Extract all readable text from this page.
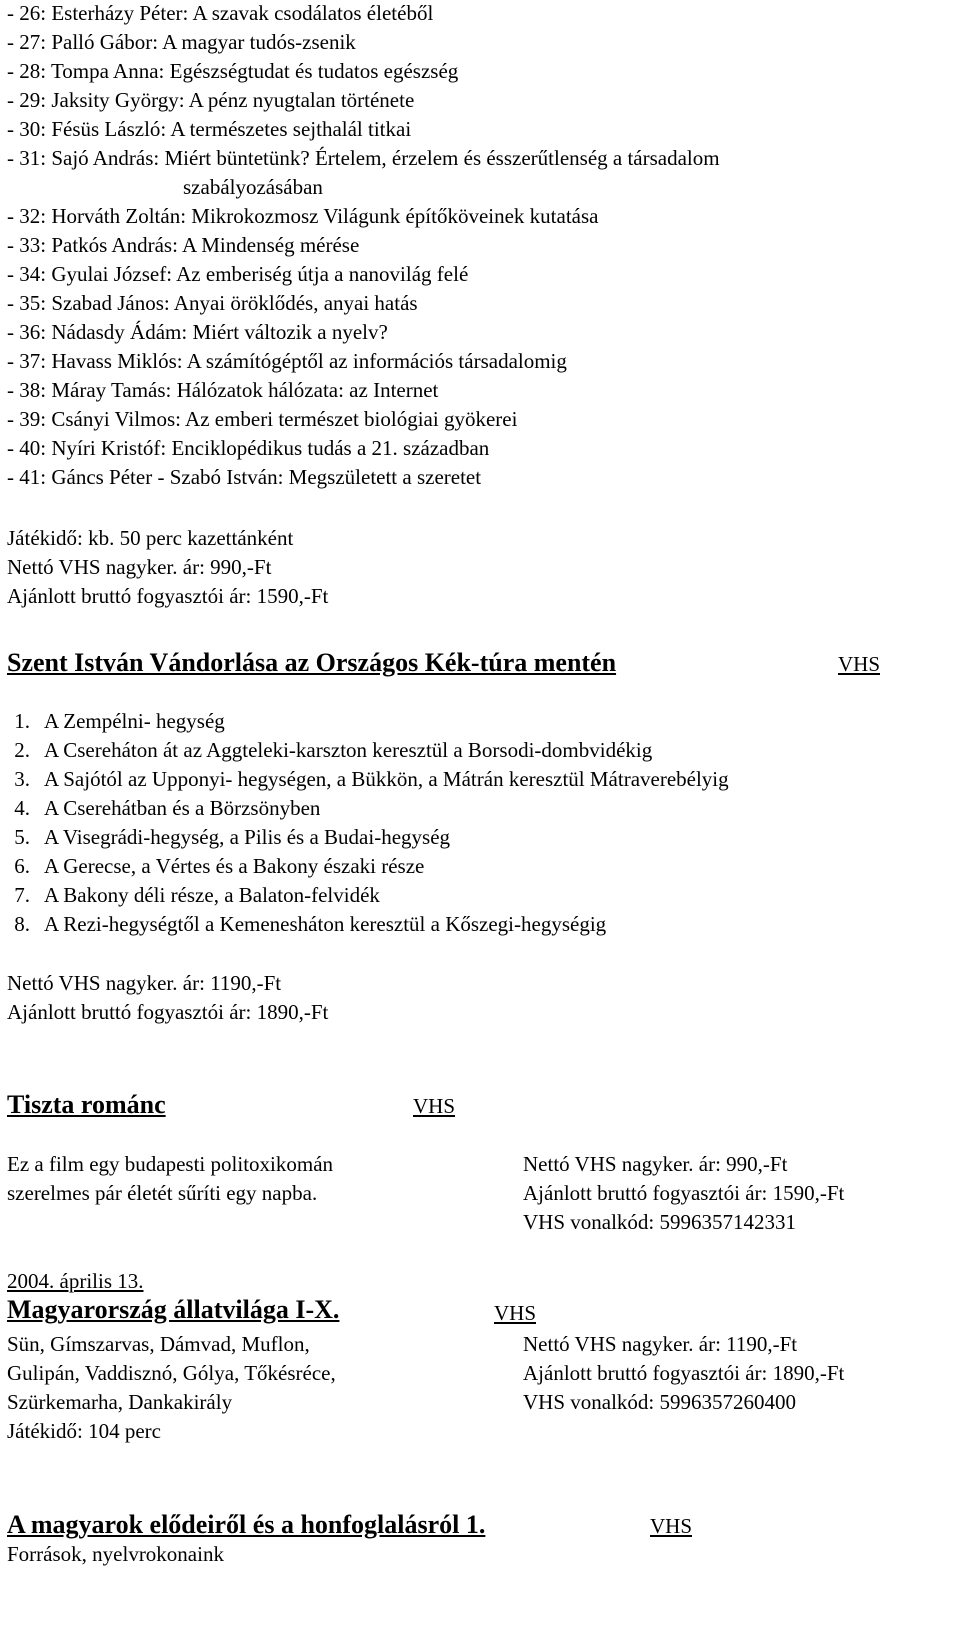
- 26: Esterházy Péter: A szavak csodálatos életéből
- 27: Palló Gábor: A magyar tudós-zsenik
- 28: Tompa Anna: Egészségtudat és tudatos egészség
- 29: Jaksity György: A pénz nyugtalan története
- 30: Fésüs László: A természetes sejthalál titkai
- 31: Sajó András: Miért büntetünk? Értelem, érzelem és ésszerűtlenség a társadalom
szabályozásában
- 32: Horváth Zoltán: Mikrokozmosz Világunk építőköveinek kutatása
- 33: Patkós András: A Mindenség mérése
- 34: Gyulai József: Az emberiség útja a nanovilág felé
- 35: Szabad János: Anyai öröklődés, anyai hatás
- 36: Nádasdy Ádám: Miért változik a nyelv?
- 37: Havass Miklós: A számítógéptől az információs társadalomig
- 38: Máray Tamás: Hálózatok hálózata: az Internet
- 39: Csányi Vilmos: Az emberi természet biológiai gyökerei
- 40: Nyíri Kristóf: Enciklopédikus tudás a 21. században
- 41: Gáncs Péter - Szabó István: Megszületett a szeretet
Játékidő: kb. 50 perc kazettánként
Nettó VHS nagyker. ár: 990,-Ft
Ajánlott bruttó fogyasztói ár: 1590,-Ft
Szent István Vándorlása az Országos Kék-túra mentén	VHS
1. A Zempélni- hegység
2. A Csereháton át az Aggteleki-karszton keresztül a Borsodi-dombvidékig
3. A Sajótól az Upponyi- hegységen, a Bükkön, a Mátrán keresztül Mátraverebélyig
4. A Cserehátban és a Börzsönyben
5. A Visegrádi-hegység, a Pilis és a Budai-hegység
6. A Gerecse, a Vértes és a Bakony északi része
7. A Bakony déli része, a Balaton-felvidék
8. A Rezi-hegységtől a Kemenesháton keresztül a Kőszegi-hegységig
Nettó VHS nagyker. ár: 1190,-Ft
Ajánlott bruttó fogyasztói ár: 1890,-Ft
Tiszta románc	VHS
Ez a film egy budapesti politoxikomán
szerelmes pár életét sűríti egy napba.
Nettó VHS nagyker. ár: 990,-Ft
Ajánlott bruttó fogyasztói ár: 1590,-Ft
VHS vonalkód: 5996357142331
2004. április 13.
Magyarország állatvilága I-X.	VHS
Sün, Gímszarvas, Dámvad, Muflon,
Gulipán, Vaddisznó, Gólya, Tőkésréce,
Szürkemarha, Dankakirály
Játékidő: 104 perc
Nettó VHS nagyker. ár: 1190,-Ft
Ajánlott bruttó fogyasztói ár: 1890,-Ft
VHS vonalkód: 5996357260400
A magyarok elődeiről és a honfoglalásról 1.	VHS
Források, nyelvrokonaink
